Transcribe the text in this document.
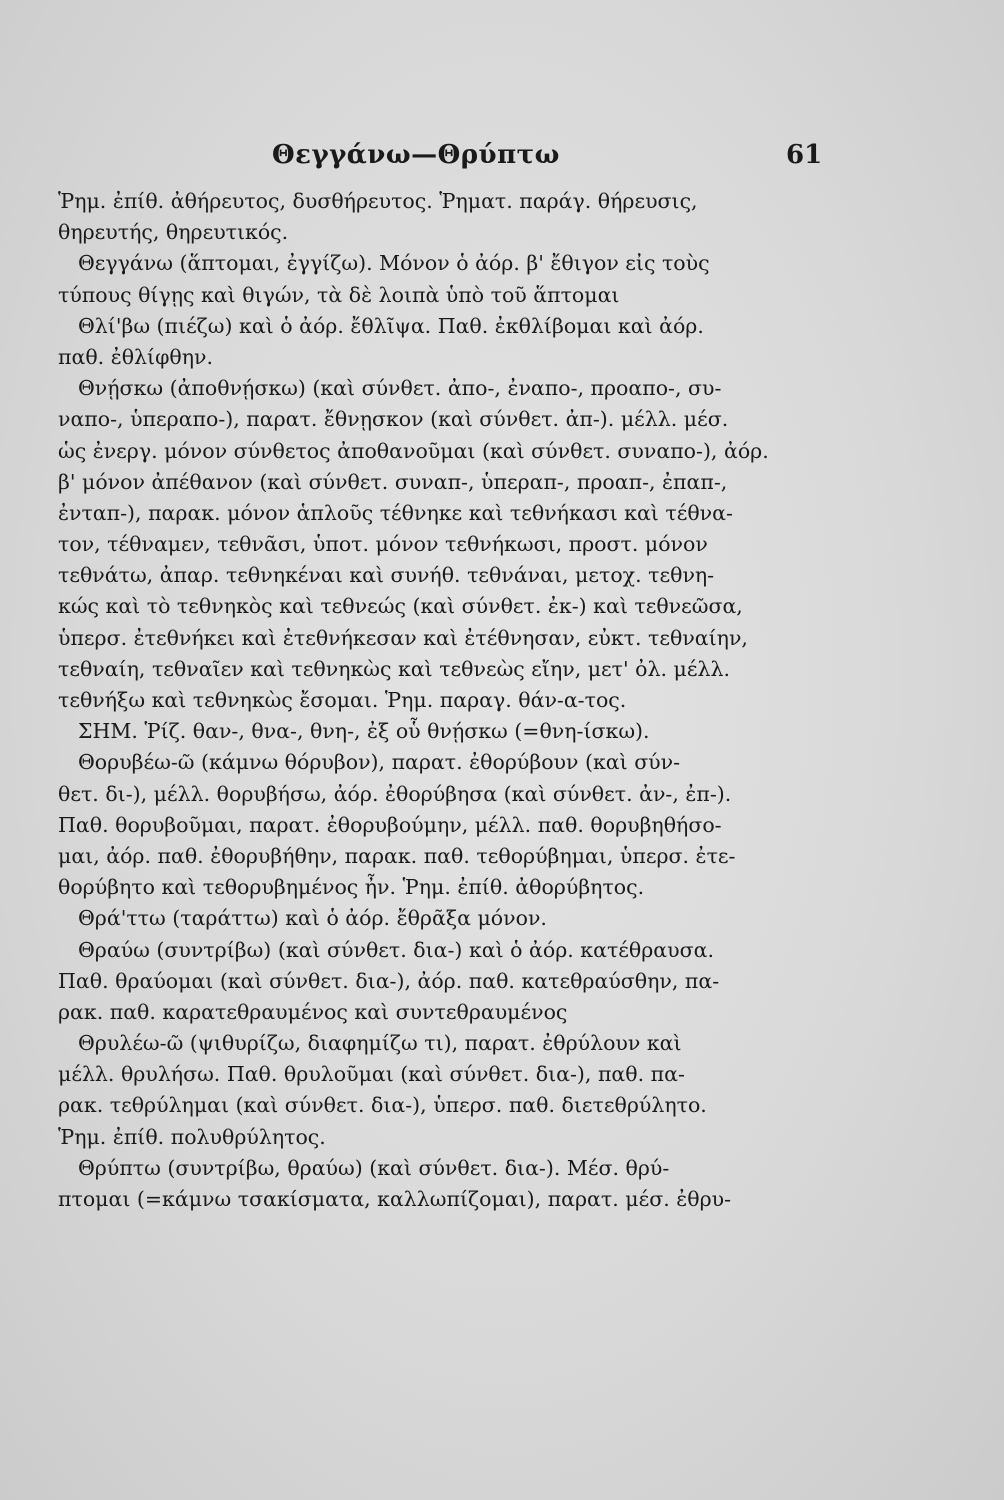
Θεγγάνω—Θρύπτω	61
Ῥημ. ἐπίθ. ἀθήρευτος, δυσθήρευτος. Ῥηματ. παράγ. θήρευσις,
θηρευτής, θηρευτικός.
Θεγγάνω (ἅπτομαι, ἐγγίζω). Μόνον ὁ ἀόρ. β' ἔθιγον εἰς τοὺς
τύπους θίγῃς καὶ θιγών, τὰ δὲ λοιπὰ ὑπὸ τοῦ ἅπτομαι
Θλί'βω (πιέζω) καὶ ὁ ἀόρ. ἔθλῖψα. Παθ. ἐκθλίβομαι καὶ ἀόρ.
παθ. ἐθλίφθην.
Θνῄσκω (ἀποθνῄσκω) (καὶ σύνθετ. ἀπο-, ἐναπο-, προαπο-, συ-
ναπο-, ὑπεραπο-), παρατ. ἔθνῃσκον (καὶ σύνθετ. ἀπ-). μέλλ. μέσ.
ὡς ἐνεργ. μόνον σύνθετος ἀποθανοῦμαι (καὶ σύνθετ. συναπο-), ἀόρ.
β' μόνον ἀπέθανον (καὶ σύνθετ. συναπ-, ὑπεραπ-, προαπ-, ἐπαπ-,
ἐνταπ-), παρακ. μόνον ἁπλοῦς τέθνηκε καὶ τεθνήκασι καὶ τέθνα-
τον, τέθναμεν, τεθνᾶσι, ὑποτ. μόνον τεθνήκωσι, προστ. μόνον
τεθνάτω, ἀπαρ. τεθνηκέναι καὶ συνήθ. τεθνάναι, μετοχ. τεθνη-
κώς καὶ τὸ τεθνηκὸς καὶ τεθνεώς (καὶ σύνθετ. ἐκ-) καὶ τεθνεῶσα,
ὑπερσ. ἐτεθνήκει καὶ ἐτεθνήκεσαν καὶ ἐτέθνησαν, εὐκτ. τεθναίην,
τεθναίη, τεθναῖεν καὶ τεθνηκὼς καὶ τεθνεὼς εἴην, μετ' ὀλ. μέλλ.
τεθνήξω καὶ τεθνηκὼς ἔσομαι. Ῥημ. παραγ. θάν-α-τος.
ΣΗΜ. Ῥίζ. θαν-, θνα-, θνη-, ἐξ οὗ θνῄσκω (=θνη-ίσκω).
Θορυβέω-ῶ (κάμνω θόρυβον), παρατ. ἐθορύβουν (καὶ σύν-
θετ. δι-), μέλλ. θορυβήσω, ἀόρ. ἐθορύβησα (καὶ σύνθετ. ἀν-, ἐπ-).
Παθ. θορυβοῦμαι, παρατ. ἐθορυβούμην, μέλλ. παθ. θορυβηθήσο-
μαι, ἀόρ. παθ. ἐθορυβήθην, παρακ. παθ. τεθορύβημαι, ὑπερσ. ἐτε-
θορύβητο καὶ τεθορυβημένος ἦν. Ῥημ. ἐπίθ. ἀθορύβητος.
Θρά'ττω (ταράττω) καὶ ὁ ἀόρ. ἔθρᾶξα μόνον.
Θραύω (συντρίβω) (καὶ σύνθετ. δια-) καὶ ὁ ἀόρ. κατέθραυσα.
Παθ. θραύομαι (καὶ σύνθετ. δια-), ἀόρ. παθ. κατεθραύσθην, πα-
ρακ. παθ. καρατεθραυμένος καὶ συντεθραυμένος
Θρυλέω-ῶ (ψιθυρίζω, διαφημίζω τι), παρατ. ἐθρύλουν καὶ
μέλλ. θρυλήσω. Παθ. θρυλοῦμαι (καὶ σύνθετ. δια-), παθ. πα-
ρακ. τεθρύλημαι (καὶ σύνθετ. δια-), ὑπερσ. παθ. διετεθρύλητο.
Ῥημ. ἐπίθ. πολυθρύλητος.
Θρύπτω (συντρίβω, θραύω) (καὶ σύνθετ. δια-). Μέσ. θρύ-
πτομαι (=κάμνω τσακίσματα, καλλωπίζομαι), παρατ. μέσ. ἐθρυ-
